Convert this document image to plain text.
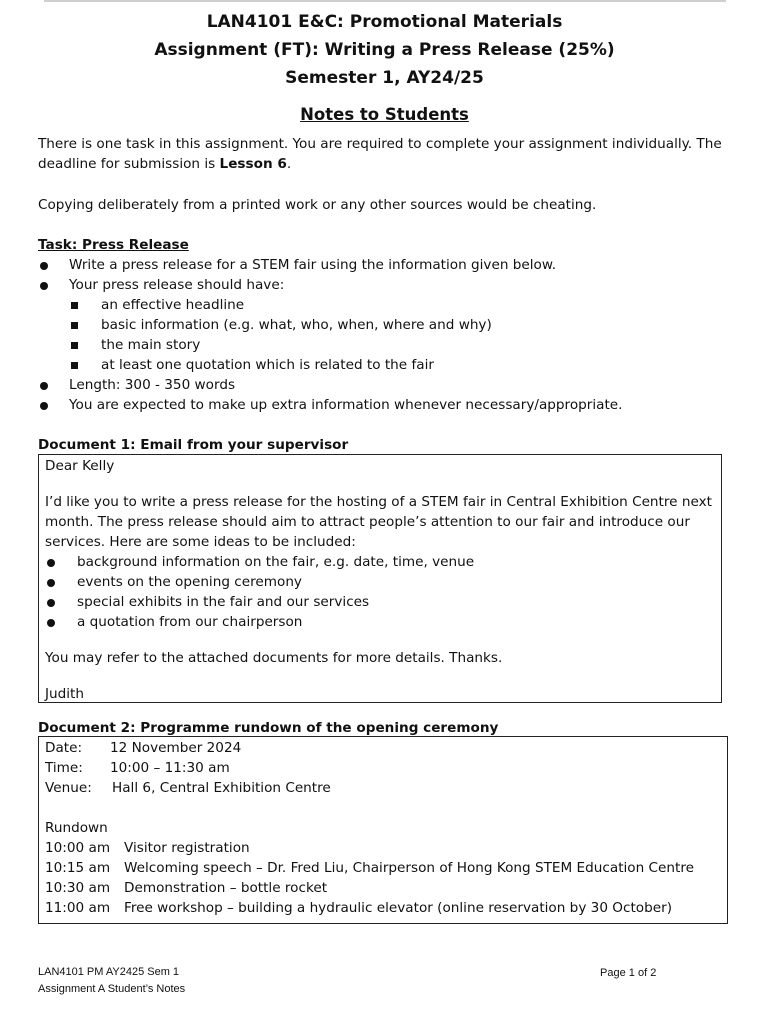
LAN4101 E&C: Promotional Materials
Assignment (FT): Writing a Press Release (25%)
Semester 1, AY24/25
Notes to Students
There is one task in this assignment. You are required to complete your assignment individually. The
deadline for submission is Lesson 6.
Copying deliberately from a printed work or any other sources would be cheating.
Task: Press Release
Write a press release for a STEM fair using the information given below.
Your press release should have:
an effective headline
basic information (e.g. what, who, when, where and why)
the main story
at least one quotation which is related to the fair
Length: 300 - 350 words
You are expected to make up extra information whenever necessary/appropriate.
Document 1: Email from your supervisor
Dear Kelly
I’d like you to write a press release for the hosting of a STEM fair in Central Exhibition Centre next
month. The press release should aim to attract people’s attention to our fair and introduce our
services. Here are some ideas to be included:
background information on the fair, e.g. date, time, venue
events on the opening ceremony
special exhibits in the fair and our services
a quotation from our chairperson
You may refer to the attached documents for more details. Thanks.
Judith
Document 2: Programme rundown of the opening ceremony
Date: 12 November 2024
Time: 10:00 – 11:30 am
Venue: Hall 6, Central Exhibition Centre
Rundown
10:00 am Visitor registration
10:15 am Welcoming speech – Dr. Fred Liu, Chairperson of Hong Kong STEM Education Centre
10:30 am Demonstration – bottle rocket
11:00 am Free workshop – building a hydraulic elevator (online reservation by 30 October)
LAN4101 PM AY2425 Sem 1
Assignment A Student’s Notes
Page 1 of 2
